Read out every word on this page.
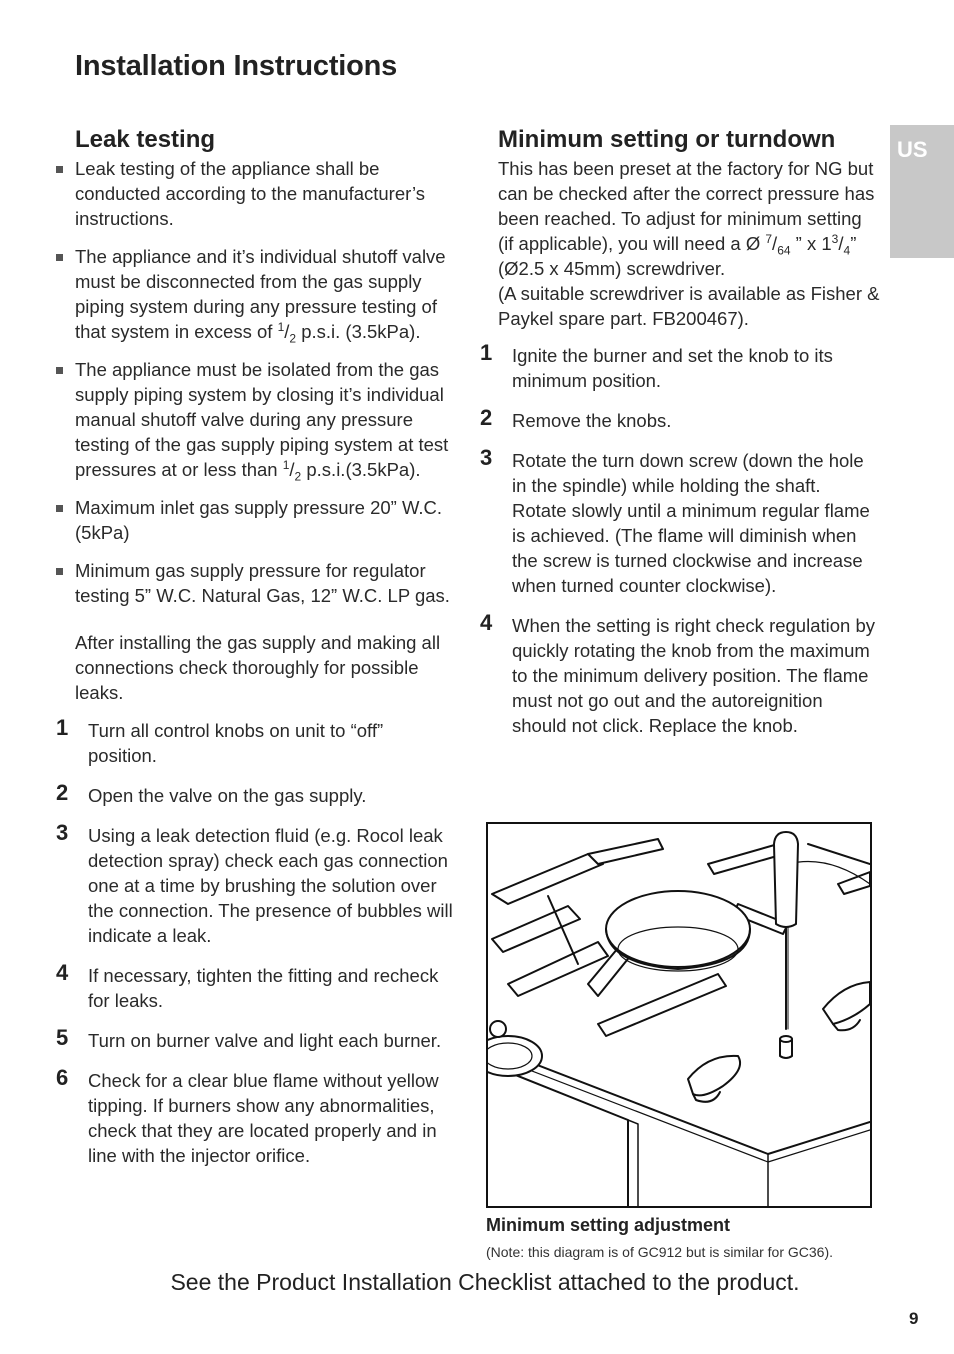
Installation Instructions
US
Leak testing
Leak testing of the appliance shall be conducted according to the manufacturer’s instructions.
The appliance and it’s individual shutoff valve must be disconnected from the gas supply piping system during any pressure testing of that system in excess of $^1/_2$ p.s.i. (3.5kPa).
The appliance must be isolated from the gas supply piping system by closing it’s individual manual shutoff valve during any pressure testing of the gas supply piping system at test pressures at or less than $^1/_2$ p.s.i.(3.5kPa).
Maximum inlet gas supply pressure 20” W.C. (5kPa)
Minimum gas supply pressure for regulator testing 5” W.C. Natural Gas, 12” W.C. LP gas.

After installing the gas supply and making all connections check thoroughly for possible leaks.

1 Turn all control knobs on unit to “off” position.
2 Open the valve on the gas supply.
3 Using a leak detection fluid (e.g. Rocol leak detection spray) check each gas connection one at a time by brushing the solution over the connection. The presence of bubbles will indicate a leak.
4 If necessary, tighten the fitting and recheck for leaks.
5 Turn on burner valve and light each burner.
6 Check for a clear blue flame without yellow tipping. If burners show any abnormalities, check that they are located properly and in line with the injector orifice.
Minimum setting or turndown

This has been preset at the factory for NG but can be checked after the correct pressure has been reached. To adjust for minimum setting (if applicable), you will need a Ø $^7/_{64}$ ” x $1^3/_4$” (Ø2.5 x 45mm) screwdriver.
(A suitable screwdriver is available as Fisher & Paykel spare part. FB200467).

1 Ignite the burner and set the knob to its minimum position.
2 Remove the knobs.
3 Rotate the turn down screw (down the hole in the spindle) while holding the shaft. Rotate slowly until a minimum regular flame is achieved. (The flame will diminish when the screw is turned clockwise and increase when turned counter clockwise).
4 When the setting is right check regulation by quickly rotating the knob from the maximum to the minimum delivery position. The flame must not go out and the autoreignition should not click. Replace the knob.
Minimum setting adjustment
(Note: this diagram is of GC912 but is similar for GC36).
See the Product Installation Checklist attached to the product.
9
